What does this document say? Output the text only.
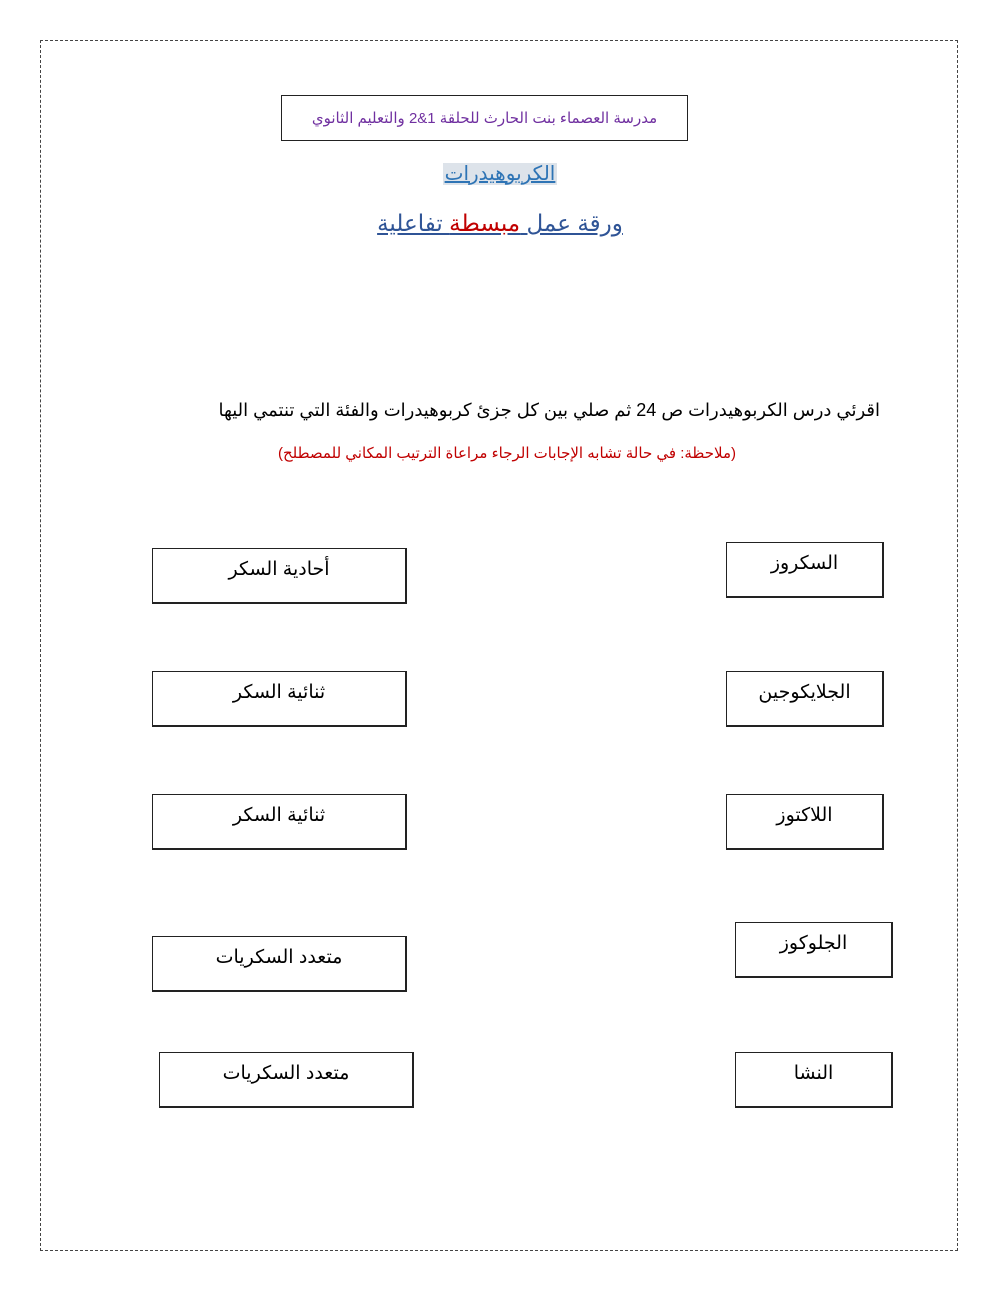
مدرسة العصماء بنت الحارث للحلقة 1&2 والتعليم الثانوي
الكربوهيدرات
ورقة عمل مبسطة تفاعلية
اقرئي درس الكربوهيدرات ص 24 ثم صلي بين كل جزئ كربوهيدرات والفئة التي تنتمي اليها
(ملاحظة: في حالة تشابه الإجابات الرجاء مراعاة الترتيب المكاني للمصطلح)
أحادية السكر
ثنائية السكر
ثنائية السكر
متعدد السكريات
متعدد السكريات
السكروز
الجلايكوجين
اللاكتوز
الجلوكوز
النشا
